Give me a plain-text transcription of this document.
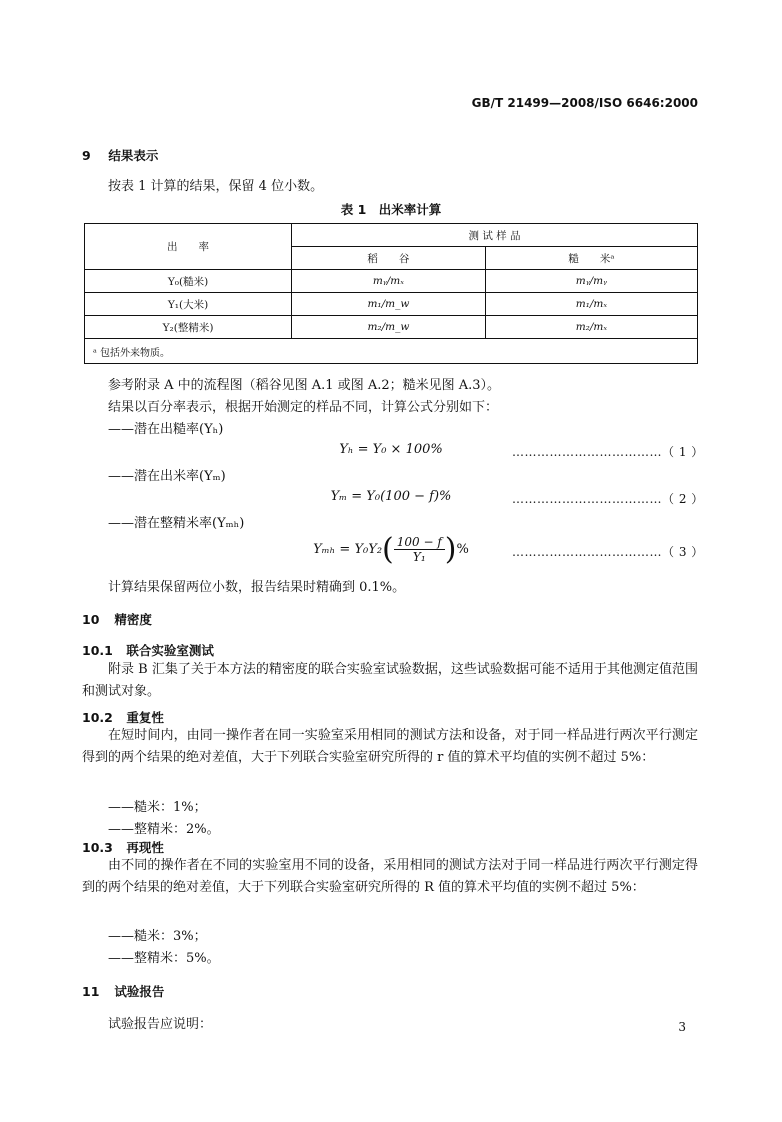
GB/T 21499—2008/ISO 6646:2000
9 结果表示
按表 1 计算的结果，保留 4 位小数。
表 1　出米率计算
出　　率	测 试 样 品	
	稻　　谷	糙　　米ᵃ
Y₀(糙米)	mᵧ/mₓ	mᵧ/mᵧ
Y₁(大米)	m₁/m_w	m₁/mₓ
Y₂(整精米)	m₂/m_w	m₂/mₓ
ᵃ 包括外来物质。		
参考附录 A 中的流程图（稻谷见图 A.1 或图 A.2；糙米见图 A.3）。
结果以百分率表示，根据开始测定的样品不同，计算公式分别如下：
——潜在出糙率(Yₕ)
Yₕ = Y₀ × 100%	………………………………（ 1 ）
——潜在出米率(Yₘ)
Yₘ = Y₀(100 − f)%	………………………………（ 2 ）
——潜在整精米率(Yₘₕ)
$Y_{mh} = Y_0Y_2( \frac{100 - f}{\text{Y₁}}$ )%	………………………………（ 3 ）
计算结果保留两位小数，报告结果时精确到 0.1%。
10 精密度
10.1 联合实验室测试

附录 B 汇集了关于本方法的精密度的联合实验室试验数据，这些试验数据可能不适用于其他测定值范围和测试对象。

10.2 重复性

在短时间内，由同一操作者在同一实验室采用相同的测试方法和设备，对于同一样品进行两次平行测定得到的两个结果的绝对差值，大于下列联合实验室研究所得的 r 值的算术平均值的实例不超过 5%：

——糙米：1%；
——整精米：2%。
10.3 再现性

由不同的操作者在不同的实验室用不同的设备，采用相同的测试方法对于同一样品进行两次平行测定得到的两个结果的绝对差值，大于下列联合实验室研究所得的 R 值的算术平均值的实例不超过 5%：

——糙米：3%；
——整精米：5%。
11 试验报告
试验报告应说明：	3
